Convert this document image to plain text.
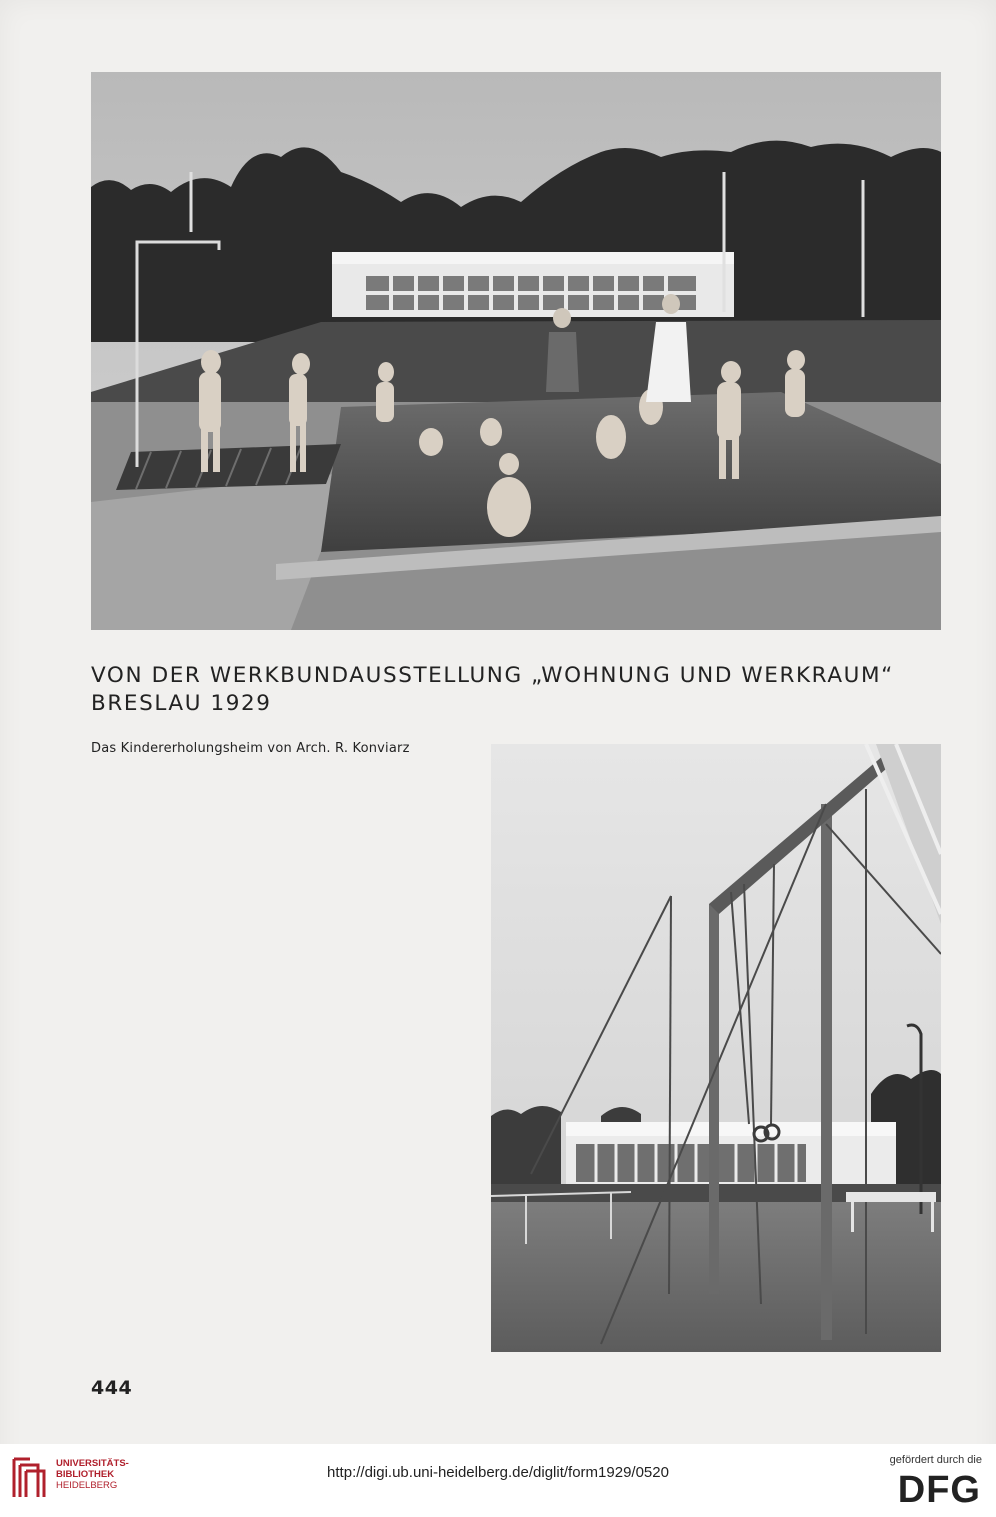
VON DER WERKBUNDAUSSTELLUNG „WOHNUNG UND WERKRAUM“
BRESLAU 1929
Das Kindererholungsheim von Arch. R. Konviarz
444
UNIVERSITÄTS-
BIBLIOTHEK
HEIDELBERG
http://digi.ub.uni-heidelberg.de/diglit/form1929/0520
gefördert durch die
DFG
